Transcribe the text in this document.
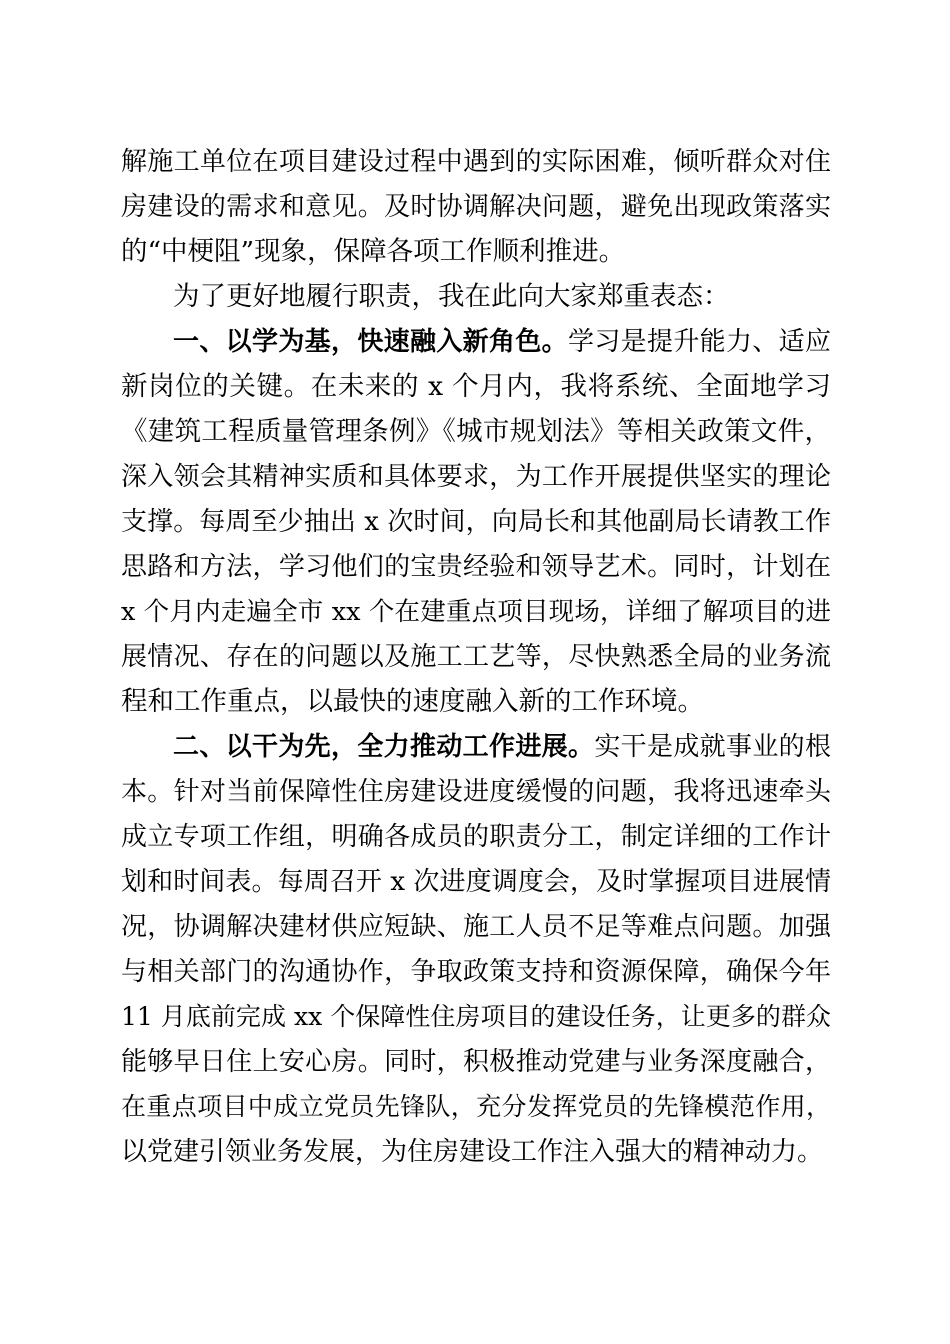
解施工单位在项目建设过程中遇到的实际困难，倾听群众对住
房建设的需求和意见。及时协调解决问题，避免出现政策落实
的“中梗阻”现象，保障各项工作顺利推进。
为了更好地履行职责，我在此向大家郑重表态：
一、以学为基，快速融入新角色。学习是提升能力、适应
新岗位的关键。在未来的 x 个月内，我将系统、全面地学习
《建筑工程质量管理条例》《城市规划法》等相关政策文件，
深入领会其精神实质和具体要求，为工作开展提供坚实的理论
支撑。每周至少抽出 x 次时间，向局长和其他副局长请教工作
思路和方法，学习他们的宝贵经验和领导艺术。同时，计划在
x 个月内走遍全市 xx 个在建重点项目现场，详细了解项目的进
展情况、存在的问题以及施工工艺等，尽快熟悉全局的业务流
程和工作重点，以最快的速度融入新的工作环境。
二、以干为先，全力推动工作进展。实干是成就事业的根
本。针对当前保障性住房建设进度缓慢的问题，我将迅速牵头
成立专项工作组，明确各成员的职责分工，制定详细的工作计
划和时间表。每周召开 x 次进度调度会，及时掌握项目进展情
况，协调解决建材供应短缺、施工人员不足等难点问题。加强
与相关部门的沟通协作，争取政策支持和资源保障，确保今年
11 月底前完成 xx 个保障性住房项目的建设任务，让更多的群众
能够早日住上安心房。同时，积极推动党建与业务深度融合，
在重点项目中成立党员先锋队，充分发挥党员的先锋模范作用，
以党建引领业务发展，为住房建设工作注入强大的精神动力。
